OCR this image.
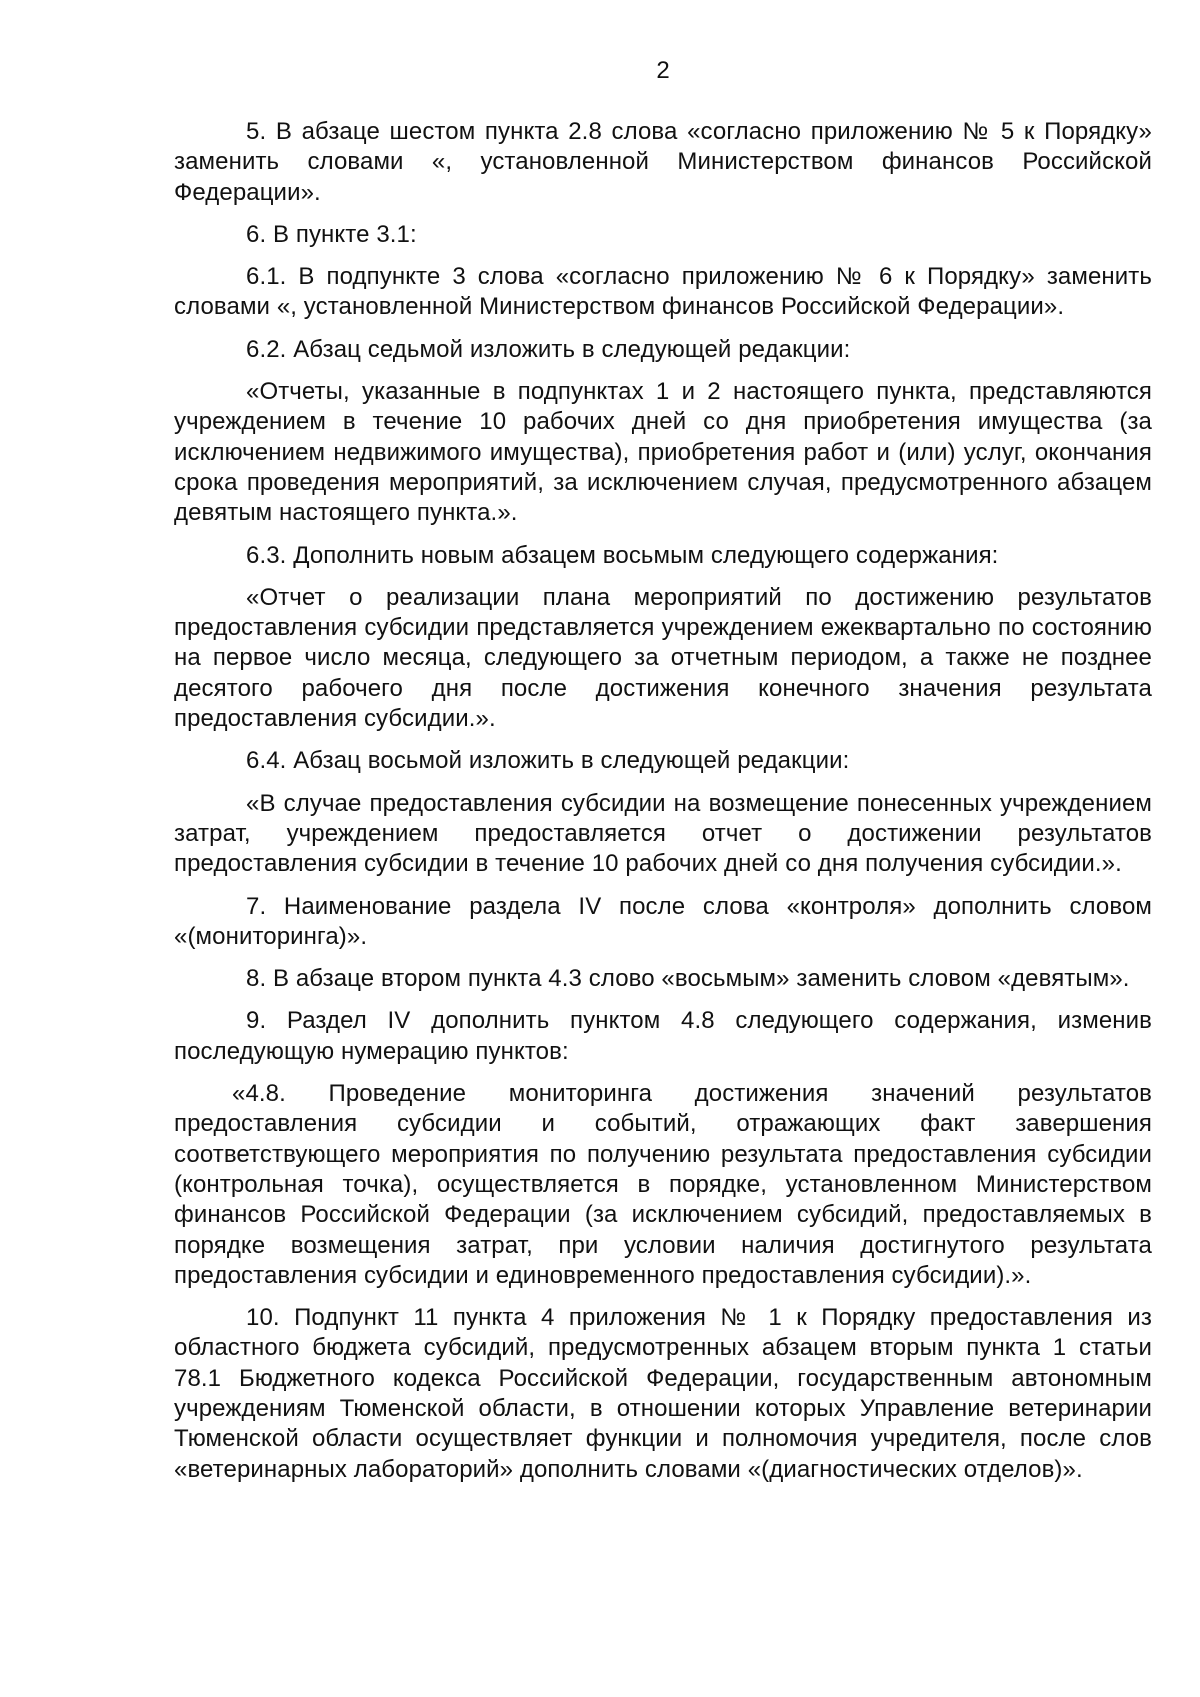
2

5. В абзаце шестом пункта 2.8 слова «согласно приложению № 5 к Порядку» заменить словами «, установленной Министерством финансов Российской Федерации».

6. В пункте 3.1:

6.1. В подпункте 3 слова «согласно приложению № 6 к Порядку» заменить словами «, установленной Министерством финансов Российской Федерации».

6.2. Абзац седьмой изложить в следующей редакции:

«Отчеты, указанные в подпунктах 1 и 2 настоящего пункта, представляются учреждением в течение 10 рабочих дней со дня приобретения имущества (за исключением недвижимого имущества), приобретения работ и (или) услуг, окончания срока проведения мероприятий, за исключением случая, предусмотренного абзацем девятым настоящего пункта.».

6.3. Дополнить новым абзацем восьмым следующего содержания:

«Отчет о реализации плана мероприятий по достижению результатов предоставления субсидии представляется учреждением ежеквартально по состоянию на первое число месяца, следующего за отчетным периодом, а также не позднее десятого рабочего дня после достижения конечного значения результата предоставления субсидии.».

6.4. Абзац восьмой изложить в следующей редакции:

«В случае предоставления субсидии на возмещение понесенных учреждением затрат, учреждением предоставляется отчет о достижении результатов предоставления субсидии в течение 10 рабочих дней со дня получения субсидии.».

7. Наименование раздела IV после слова «контроля» дополнить словом «(мониторинга)».

8. В абзаце втором пункта 4.3 слово «восьмым» заменить словом «девятым».

9. Раздел IV дополнить пунктом 4.8 следующего содержания, изменив последующую нумерацию пунктов:

«4.8. Проведение мониторинга достижения значений результатов предоставления субсидии и событий, отражающих факт завершения соответствующего мероприятия по получению результата предоставления субсидии (контрольная точка), осуществляется в порядке, установленном Министерством финансов Российской Федерации (за исключением субсидий, предоставляемых в порядке возмещения затрат, при условии наличия достигнутого результата предоставления субсидии и единовременного предоставления субсидии).».

10. Подпункт 11 пункта 4 приложения № 1 к Порядку предоставления из областного бюджета субсидий, предусмотренных абзацем вторым пункта 1 статьи 78.1 Бюджетного кодекса Российской Федерации, государственным автономным учреждениям Тюменской области, в отношении которых Управление ветеринарии Тюменской области осуществляет функции и полномочия учредителя, после слов «ветеринарных лабораторий» дополнить словами «(диагностических отделов)».
